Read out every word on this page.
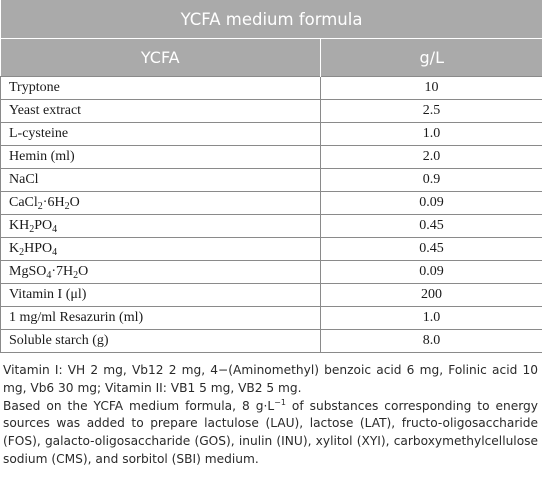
YCFA medium formula	
YCFA	g/L
Tryptone	10
Yeast extract	2.5
L-cysteine	1.0
Hemin (ml)	2.0
NaCl	0.9
$CaCl_2\cdot 6H_2O$	0.09
$KH_2PO_4$	0.45
$K_2HPO_4$	0.45
$MgSO_4\cdot 7H_2O$	0.09
Vitamin I (μl)	200
1 mg/ml Resazurin (ml)	1.0
Soluble starch (g)	8.0

Vitamin I: VH 2 mg, Vb12 2 mg, 4−(Aminomethyl) benzoic acid 6 mg, Folinic acid 10 mg, Vb6 30 mg; Vitamin II: VB1 5 mg, VB2 5 mg.

Based on the YCFA medium formula, 8 $g\cdot L^{-1}$ of substances corresponding to energy sources was added to prepare lactulose (LAU), lactose (LAT), fructo-oligosaccharide (FOS), galacto-oligosaccharide (GOS), inulin (INU), xylitol (XYI), carboxymethylcellulose sodium (CMS), and sorbitol (SBI) medium.
